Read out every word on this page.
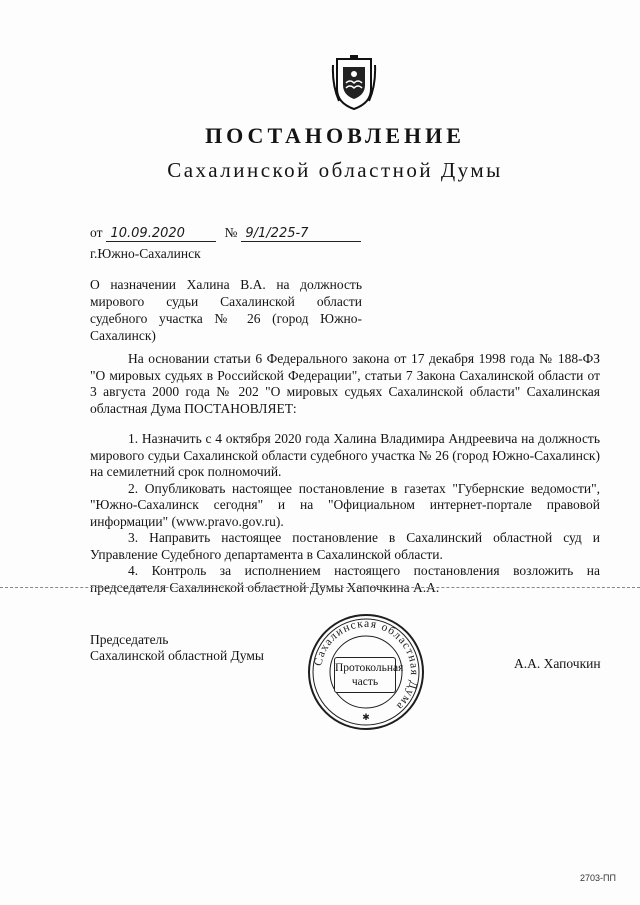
ПОСТАНОВЛЕНИЕ
Сахалинской областной Думы
от 10.09.2020	№ 9/1/225-7
г.Южно-Сахалинск
О назначении Халина В.А. на должность мирового судьи Сахалинской области судебного участка № 26 (город Южно-Сахалинск)

На основании статьи 6 Федерального закона от 17 декабря 1998 года № 188-ФЗ "О мировых судьях в Российской Федерации", статьи 7 Закона Сахалинской области от 3 августа 2000 года № 202 "О мировых судьях Сахалинской области" Сахалинская областная Дума ПОСТАНОВЛЯЕТ:

1. Назначить с 4 октября 2020 года Халина Владимира Андреевича на должность мирового судьи Сахалинской области судебного участка № 26 (город Южно-Сахалинск) на семилетний срок полномочий.

2. Опубликовать настоящее постановление в газетах "Губернские ведомости", "Южно-Сахалинск сегодня" и на "Официальном интернет-портале правовой информации" (www.pravo.gov.ru).

3. Направить настоящее постановление в Сахалинский областной суд и Управление Судебного департамента в Сахалинской области.

4. Контроль за исполнением настоящего постановления возложить на председателя Сахалинской областной Думы Хапочкина А.А.

Председатель
Сахалинской областной Думы	Сахалинская областная Дума
✱
Протокольная
часть
А.А. Хапочкин
2703-ПП
